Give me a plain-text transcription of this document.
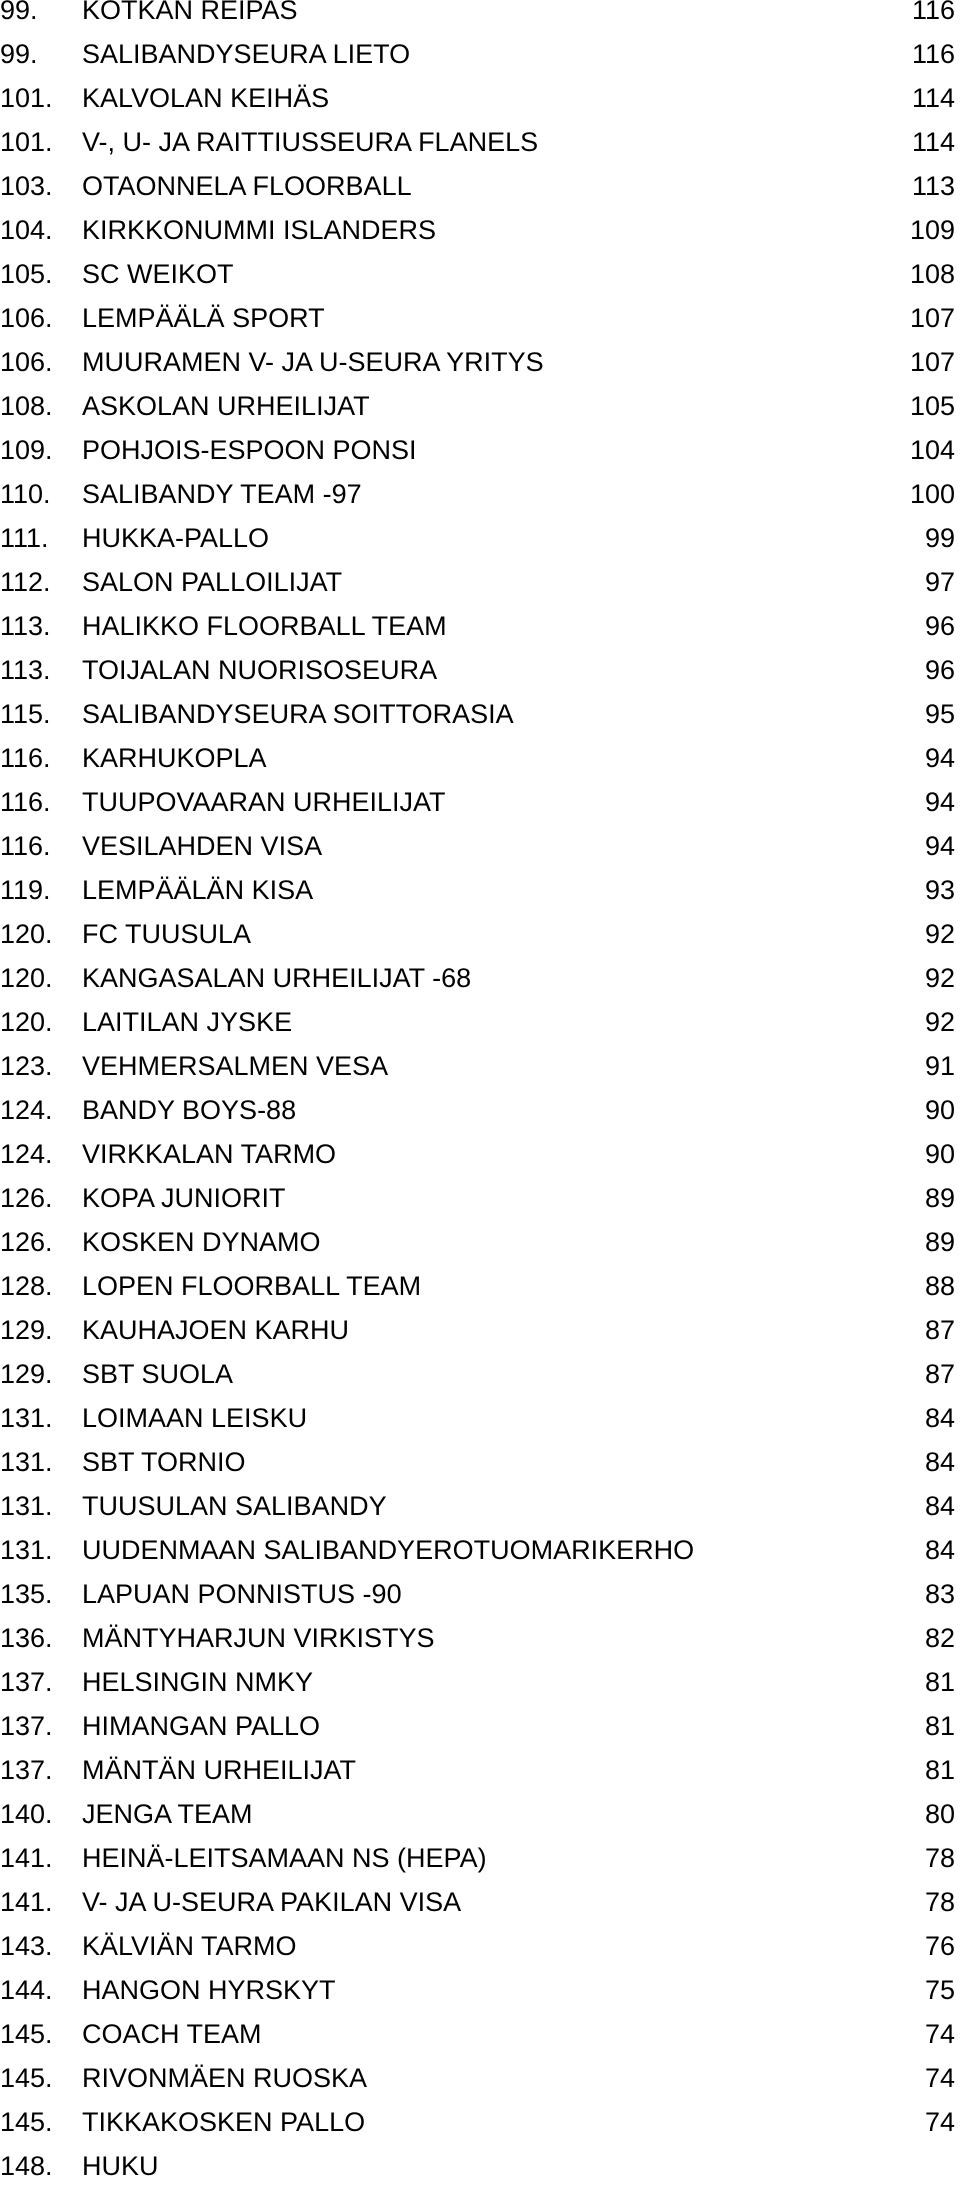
99. KOTKAN REIPAS	116
99. SALIBANDYSEURA LIETO	116
101. KALVOLAN KEIHÄS	114
101. V-, U- JA RAITTIUSSEURA FLANELS	114
103. OTAONNELA FLOORBALL	113
104. KIRKKONUMMI ISLANDERS	109
105. SC WEIKOT	108
106. LEMPÄÄLÄ SPORT	107
106. MUURAMEN V- JA U-SEURA YRITYS	107
108. ASKOLAN URHEILIJAT	105
109. POHJOIS-ESPOON PONSI	104
110. SALIBANDY TEAM -97	100
111. HUKKA-PALLO	99
112. SALON PALLOILIJAT	97
113. HALIKKO FLOORBALL TEAM	96
113. TOIJALAN NUORISOSEURA	96
115. SALIBANDYSEURA SOITTORASIA	95
116. KARHUKOPLA	94
116. TUUPOVAARAN URHEILIJAT	94
116. VESILAHDEN VISA	94
119. LEMPÄÄLÄN KISA	93
120. FC TUUSULA	92
120. KANGASALAN URHEILIJAT -68	92
120. LAITILAN JYSKE	92
123. VEHMERSALMEN VESA	91
124. BANDY BOYS-88	90
124. VIRKKALAN TARMO	90
126. KOPA JUNIORIT	89
126. KOSKEN DYNAMO	89
128. LOPEN FLOORBALL TEAM	88
129. KAUHAJOEN KARHU	87
129. SBT SUOLA	87
131. LOIMAAN LEISKU	84
131. SBT TORNIO	84
131. TUUSULAN SALIBANDY	84
131. UUDENMAAN SALIBANDYEROTUOMARIKERHO	84
135. LAPUAN PONNISTUS -90	83
136. MÄNTYHARJUN VIRKISTYS	82
137. HELSINGIN NMKY	81
137. HIMANGAN PALLO	81
137. MÄNTÄN URHEILIJAT	81
140. JENGA TEAM	80
141. HEINÄ-LEITSAMAAN NS (HEPA)	78
141. V- JA U-SEURA PAKILAN VISA	78
143. KÄLVIÄN TARMO	76
144. HANGON HYRSKYT	75
145. COACH TEAM	74
145. RIVONMÄEN RUOSKA	74
145. TIKKAKOSKEN PALLO	74
148. HUKU
